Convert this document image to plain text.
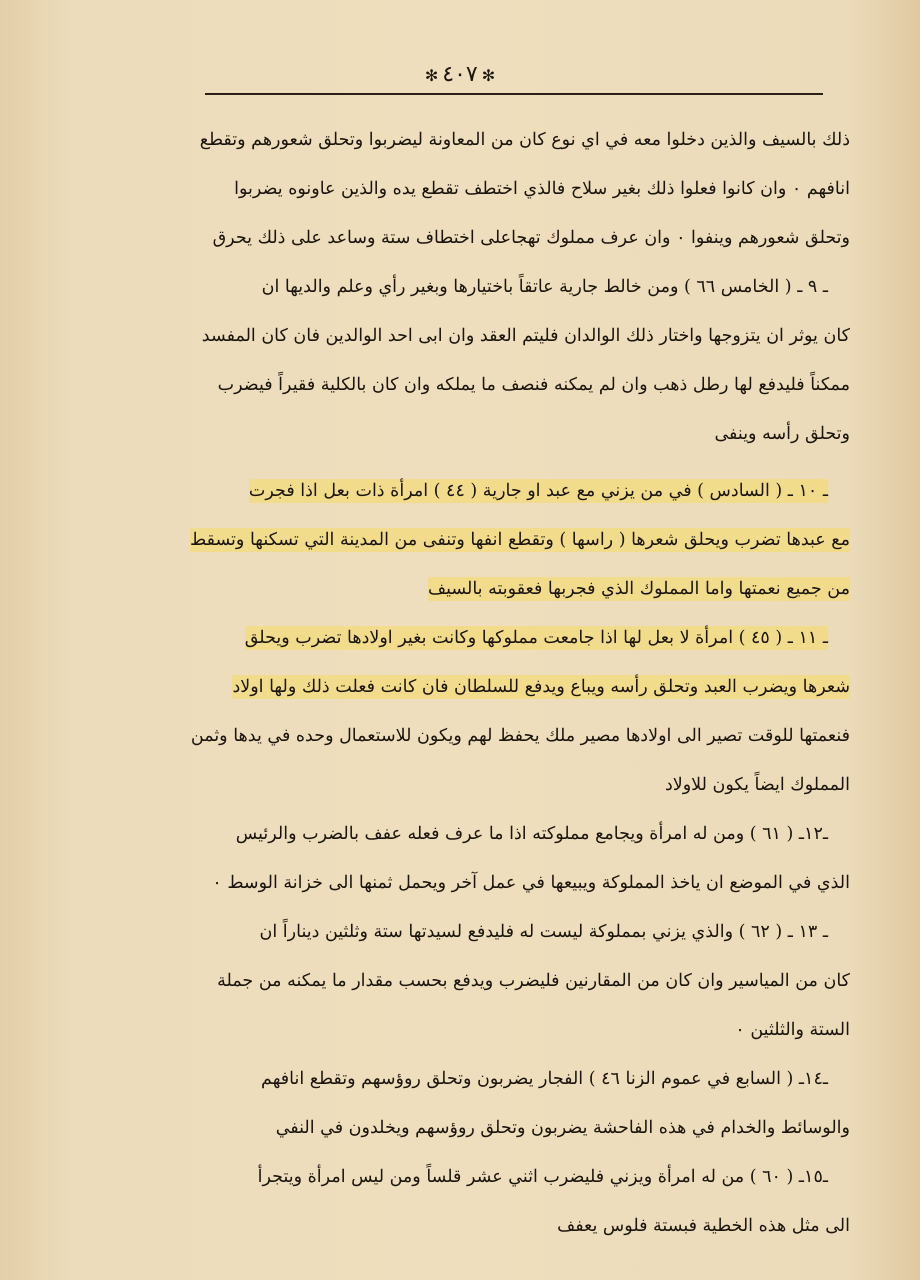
✻ ٤٠٧ ✻
ذلك بالسيف والذين دخلوا معه في اي نوع كان من المعاونة ليضربوا وتحلق شعورهم وتقطع
انافهم ٠ وان كانوا فعلوا ذلك بغير سلاح فالذي اختطف تقطع يده والذين عاونوه يضربوا
وتحلق شعورهم وينفوا ٠ وان عرف مملوك تهجاعلى اختطاف ستة وساعد على ذلك يحرق
ـ ٩ ـ ( الخامس ٦٦ ) ومن خالط جارية عاتقاً باختيارها وبغير رأي وعلم والديها ان
كان يوثر ان يتزوجها واختار ذلك الوالدان فليتم العقد وان ابى احد الوالدين فان كان المفسد
ممكناً فليدفع لها رطل ذهب وان لم يمكنه فنصف ما يملكه وان كان بالكلية فقيراً فيضرب
وتحلق رأسه وينفى
ـ ١٠ ـ ( السادس ) في من يزني مع عبد او جارية ( ٤٤ ) امرأة ذات بعل اذا فجرت
مع عبدها تضرب ويحلق شعرها ( راسها ) وتقطع انفها وتنفى من المدينة التي تسكنها وتسقط
من جميع نعمتها واما المملوك الذي فجربها فعقوبته بالسيف
ـ ١١ ـ ( ٤٥ ) امرأة لا بعل لها اذا جامعت مملوكها وكانت بغير اولادها تضرب ويحلق
شعرها ويضرب العبد وتحلق رأسه ويباع ويدفع للسلطان فان كانت فعلت ذلك ولها اولاد
فنعمتها للوقت تصير الى اولادها مصير ملك يحفظ لهم ويكون للاستعمال وحده في يدها وثمن
المملوك ايضاً يكون للاولاد
ـ١٢ـ ( ٦١ ) ومن له امرأة ويجامع مملوكته اذا ما عرف فعله عفف بالضرب والرئيس
الذي في الموضع ان ياخذ المملوكة ويبيعها في عمل آخر ويحمل ثمنها الى خزانة الوسط ٠
ـ ١٣ ـ ( ٦٢ ) والذي يزني بمملوكة ليست له فليدفع لسيدتها ستة وثلثين ديناراً ان
كان من المياسير وان كان من المقارنين فليضرب ويدفع بحسب مقدار ما يمكنه من جملة
الستة والثلثين ٠
ـ١٤ـ ( السابع في عموم الزنا ٤٦ ) الفجار يضربون وتحلق روؤسهم وتقطع انافهم
والوسائط والخدام في هذه الفاحشة يضربون وتحلق روؤسهم ويخلدون في النفي
ـ١٥ـ ( ٦٠ ) من له امرأة ويزني فليضرب اثني عشر قلساً ومن ليس امرأة ويتجرأ
الى مثل هذه الخطية فبستة فلوس يعفف
